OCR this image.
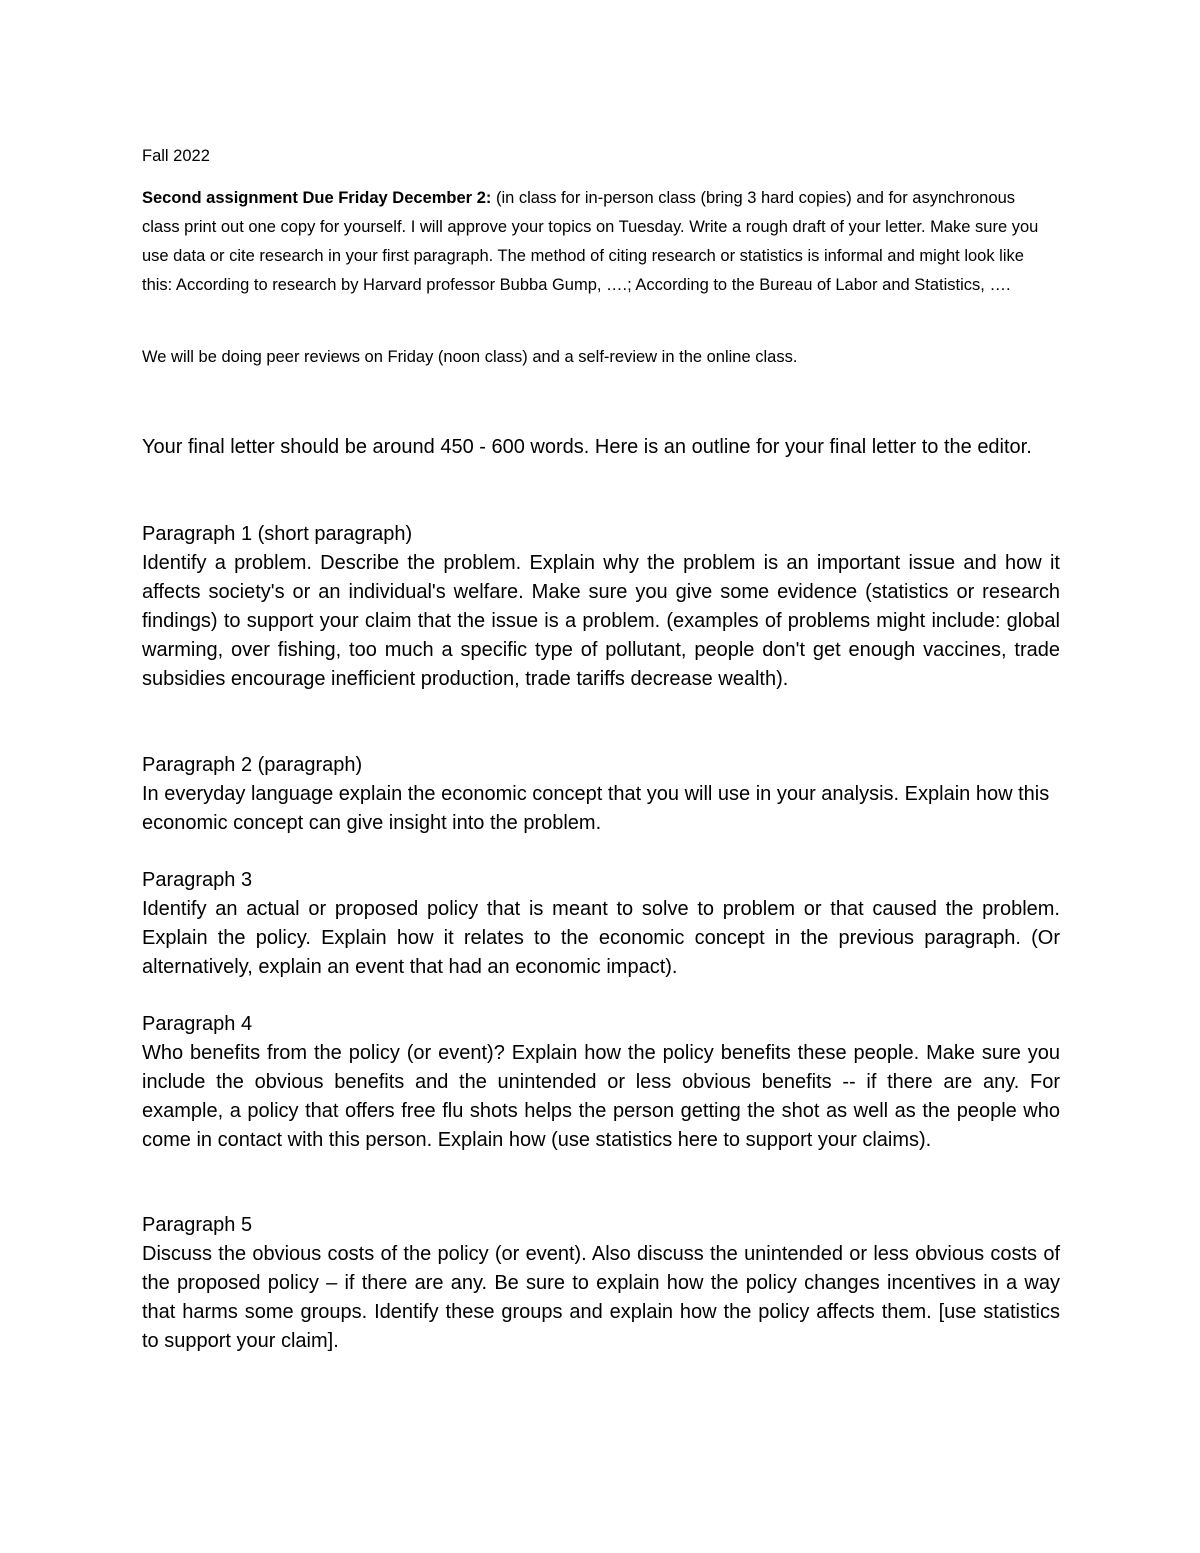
Fall 2022

Second assignment Due Friday December 2: (in class for in-person class (bring 3 hard copies) and for asynchronous class print out one copy for yourself. I will approve your topics on Tuesday. Write a rough draft of your letter. Make sure you use data or cite research in your first paragraph. The method of citing research or statistics is informal and might look like this: According to research by Harvard professor Bubba Gump, ….; According to the Bureau of Labor and Statistics, ….

We will be doing peer reviews on Friday (noon class) and a self-review in the online class.

Your final letter should be around 450 - 600 words. Here is an outline for your final letter to the editor.

Paragraph 1 (short paragraph)
Identify a problem. Describe the problem. Explain why the problem is an important issue and how it affects society's or an individual's welfare. Make sure you give some evidence (statistics or research findings) to support your claim that the issue is a problem. (examples of problems might include: global warming, over fishing, too much a specific type of pollutant, people don't get enough vaccines, trade subsidies encourage inefficient production, trade tariffs decrease wealth).
Paragraph 2 (paragraph)
In everyday language explain the economic concept that you will use in your analysis. Explain how this economic concept can give insight into the problem.
Paragraph 3
Identify an actual or proposed policy that is meant to solve to problem or that caused the problem. Explain the policy. Explain how it relates to the economic concept in the previous paragraph. (Or alternatively, explain an event that had an economic impact).
Paragraph 4
Who benefits from the policy (or event)? Explain how the policy benefits these people. Make sure you include the obvious benefits and the unintended or less obvious benefits -- if there are any. For example, a policy that offers free flu shots helps the person getting the shot as well as the people who come in contact with this person. Explain how (use statistics here to support your claims).
Paragraph 5
Discuss the obvious costs of the policy (or event). Also discuss the unintended or less obvious costs of the proposed policy – if there are any. Be sure to explain how the policy changes incentives in a way that harms some groups. Identify these groups and explain how the policy affects them. [use statistics to support your claim].
